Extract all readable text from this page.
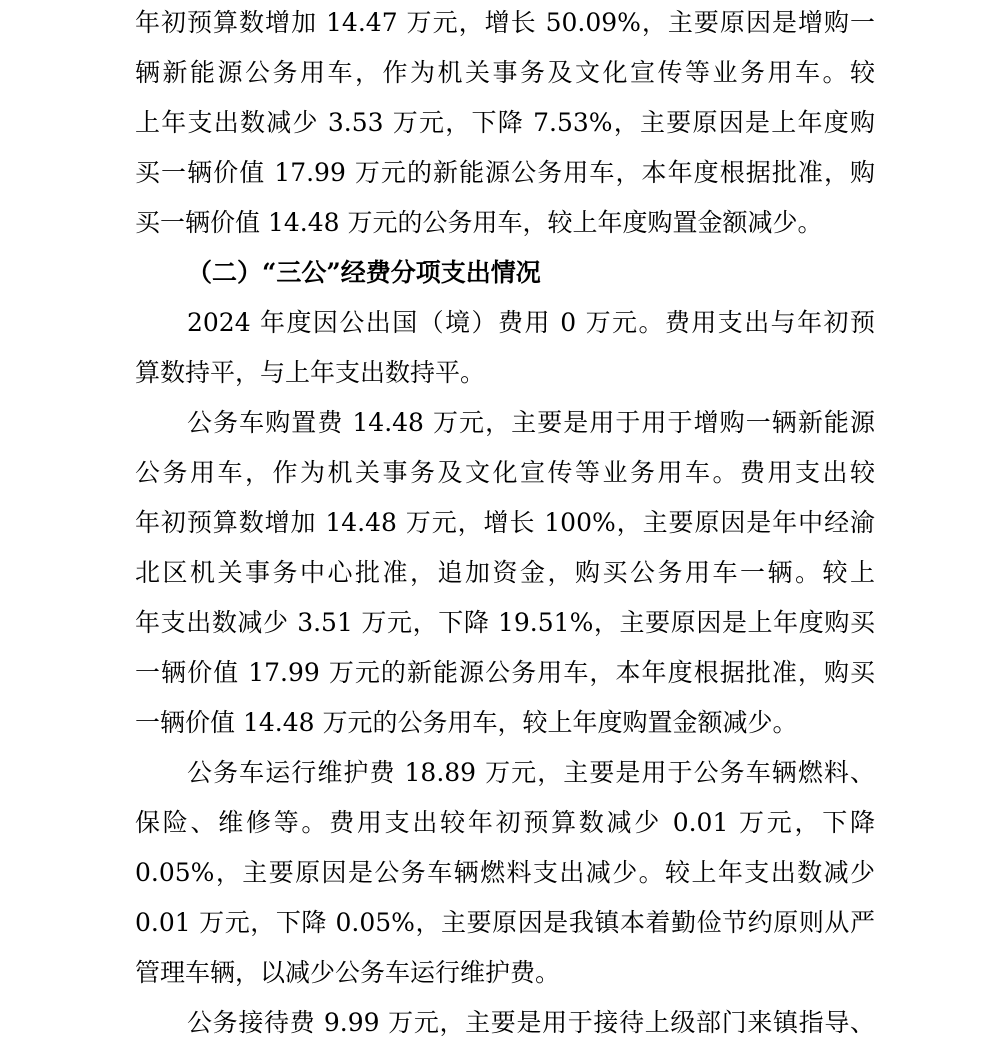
年初预算数增加 14.47 万元，增长 50.09%，主要原因是增购一
辆新能源公务用车，作为机关事务及文化宣传等业务用车。较
上年支出数减少 3.53 万元，下降 7.53%，主要原因是上年度购
买一辆价值 17.99 万元的新能源公务用车，本年度根据批准，购
买一辆价值 14.48 万元的公务用车，较上年度购置金额减少。
（二）“三公”经费分项支出情况
2024 年度因公出国（境）费用 0 万元。费用支出与年初预
算数持平，与上年支出数持平。
公务车购置费 14.48 万元，主要是用于用于增购一辆新能源
公务用车，作为机关事务及文化宣传等业务用车。费用支出较
年初预算数增加 14.48 万元，增长 100%，主要原因是年中经渝
北区机关事务中心批准，追加资金，购买公务用车一辆。较上
年支出数减少 3.51 万元，下降 19.51%，主要原因是上年度购买
一辆价值 17.99 万元的新能源公务用车，本年度根据批准，购买
一辆价值 14.48 万元的公务用车，较上年度购置金额减少。
公务车运行维护费 18.89 万元，主要是用于公务车辆燃料、
保险、维修等。费用支出较年初预算数减少 0.01 万元，下降
0.05%，主要原因是公务车辆燃料支出减少。较上年支出数减少
0.01 万元，下降 0.05%，主要原因是我镇本着勤俭节约原则从严
管理车辆，以减少公务车运行维护费。
公务接待费 9.99 万元，主要是用于接待上级部门来镇指导、
